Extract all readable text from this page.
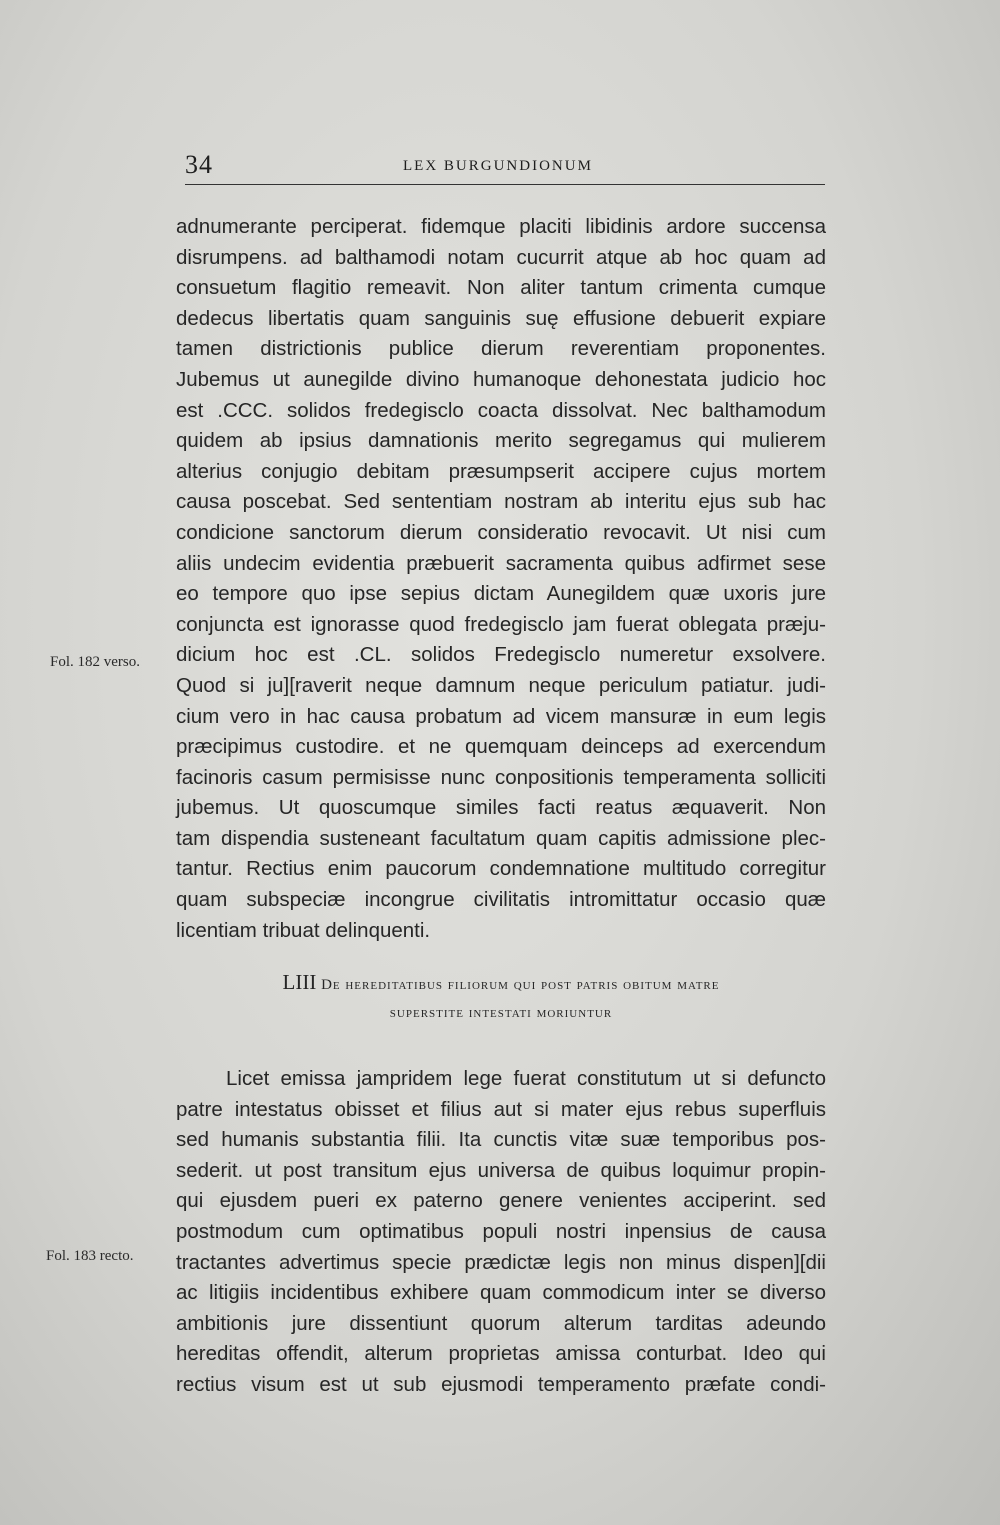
34	LEX BURGUNDIONUM
adnumerante perciperat. fidemque placiti libidinis ardore succensa
disrumpens. ad balthamodi notam cucurrit atque ab hoc quam ad
consuetum flagitio remeavit. Non aliter tantum crimenta cumque
dedecus libertatis quam sanguinis suę effusione debuerit expiare
tamen districtionis publice dierum reverentiam proponentes.
Jubemus ut aunegilde divino humanoque dehonestata judicio hoc
est .CCC. solidos fredegisclo coacta dissolvat. Nec balthamodum
quidem ab ipsius damnationis merito segregamus qui mulierem
alterius conjugio debitam præsumpserit accipere cujus mortem
causa poscebat. Sed sententiam nostram ab interitu ejus sub hac
condicione sanctorum dierum consideratio revocavit. Ut nisi cum
aliis undecim evidentia præbuerit sacramenta quibus adfirmet sese
eo tempore quo ipse sepius dictam Aunegildem quæ uxoris jure
conjuncta est ignorasse quod fredegisclo jam fuerat oblegata præju-
dicium hoc est .CL. solidos Fredegisclo numeretur exsolvere.
Quod si ju][raverit neque damnum neque periculum patiatur. judi-
cium vero in hac causa probatum ad vicem mansuræ in eum legis
præcipimus custodire. et ne quemquam deinceps ad exercendum
facinoris casum permisisse nunc conpositionis temperamenta solliciti
jubemus. Ut quoscumque similes facti reatus æquaverit. Non
tam dispendia susteneant facultatum quam capitis admissione plec-
tantur. Rectius enim paucorum condemnatione multitudo corregitur
quam subspeciæ incongrue civilitatis intromittatur occasio quæ
licentiam tribuat delinquenti.
Fol. 182 verso.
LIII De hereditatibus filiorum qui post patris obitum matre
superstite intestati moriuntur
Licet emissa jampridem lege fuerat constitutum ut si defuncto
patre intestatus obisset et filius aut si mater ejus rebus superfluis
sed humanis substantia filii. Ita cunctis vitæ suæ temporibus pos-
sederit. ut post transitum ejus universa de quibus loquimur propin-
qui ejusdem pueri ex paterno genere venientes acciperint. sed
postmodum cum optimatibus populi nostri inpensius de causa
tractantes advertimus specie prædictæ legis non minus dispen][dii
ac litigiis incidentibus exhibere quam commodicum inter se diverso
ambitionis jure dissentiunt quorum alterum tarditas adeundo
hereditas offendit, alterum proprietas amissa conturbat. Ideo qui
rectius visum est ut sub ejusmodi temperamento præfate condi-
Fol. 183 recto.
